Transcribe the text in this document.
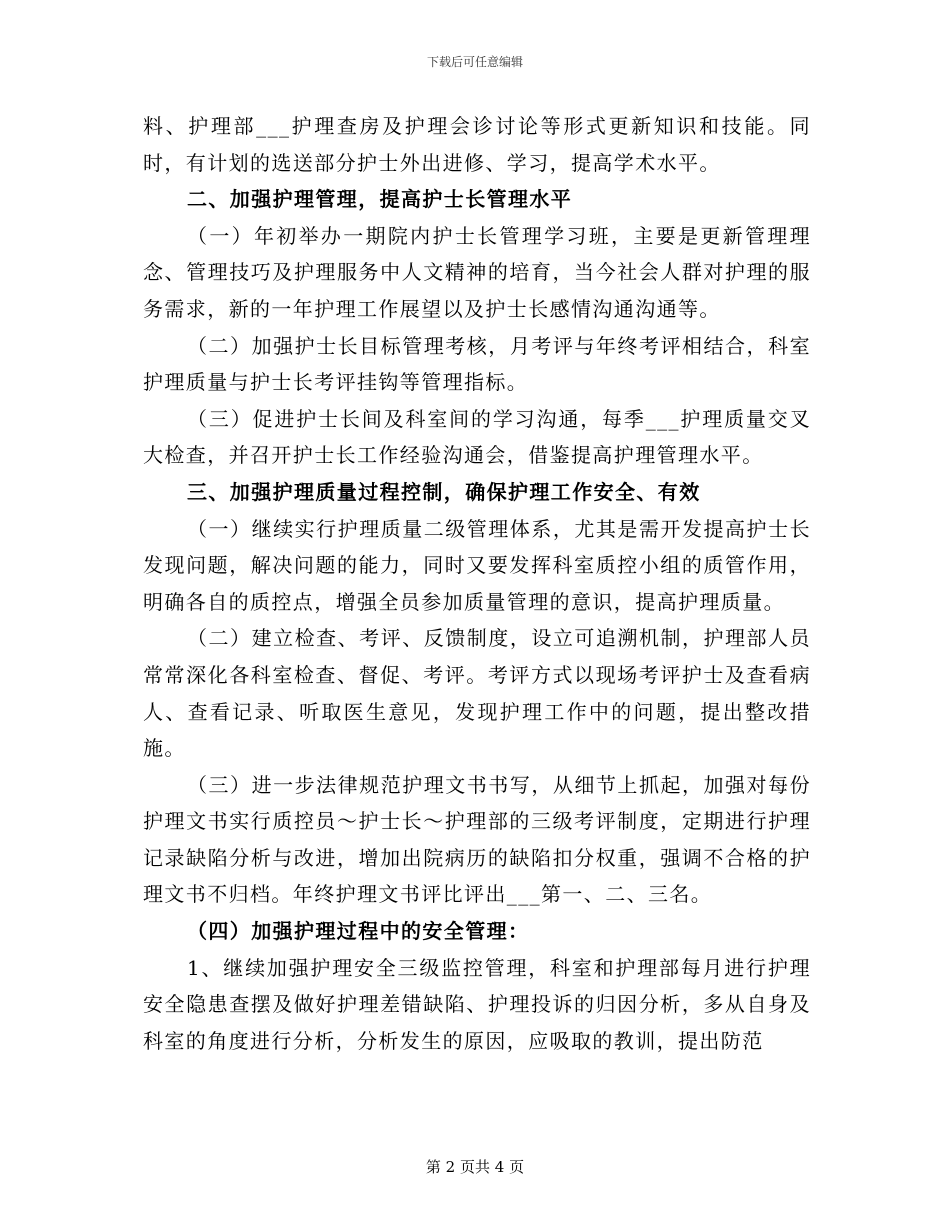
下载后可任意编辑

料、护理部___护理查房及护理会诊讨论等形式更新知识和技能。同时，有计划的选送部分护士外出进修、学习，提高学术水平。

二、加强护理管理，提高护士长管理水平

（一）年初举办一期院内护士长管理学习班，主要是更新管理理念、管理技巧及护理服务中人文精神的培育，当今社会人群对护理的服务需求，新的一年护理工作展望以及护士长感情沟通沟通等。

（二）加强护士长目标管理考核，月考评与年终考评相结合，科室护理质量与护士长考评挂钩等管理指标。

（三）促进护士长间及科室间的学习沟通，每季___护理质量交叉大检查，并召开护士长工作经验沟通会，借鉴提高护理管理水平。

三、加强护理质量过程控制，确保护理工作安全、有效

（一）继续实行护理质量二级管理体系，尤其是需开发提高护士长发现问题，解决问题的能力，同时又要发挥科室质控小组的质管作用，明确各自的质控点，增强全员参加质量管理的意识，提高护理质量。

（二）建立检查、考评、反馈制度，设立可追溯机制，护理部人员常常深化各科室检查、督促、考评。考评方式以现场考评护士及查看病人、查看记录、听取医生意见，发现护理工作中的问题，提出整改措施。

（三）进一步法律规范护理文书书写，从细节上抓起，加强对每份护理文书实行质控员～护士长～护理部的三级考评制度，定期进行护理记录缺陷分析与改进，增加出院病历的缺陷扣分权重，强调不合格的护理文书不归档。年终护理文书评比评出___第一、二、三名。

（四）加强护理过程中的安全管理：

1、继续加强护理安全三级监控管理，科室和护理部每月进行护理安全隐患查摆及做好护理差错缺陷、护理投诉的归因分析，多从自身及科室的角度进行分析，分析发生的原因，应吸取的教训，提出防范

第 2 页共 4 页
